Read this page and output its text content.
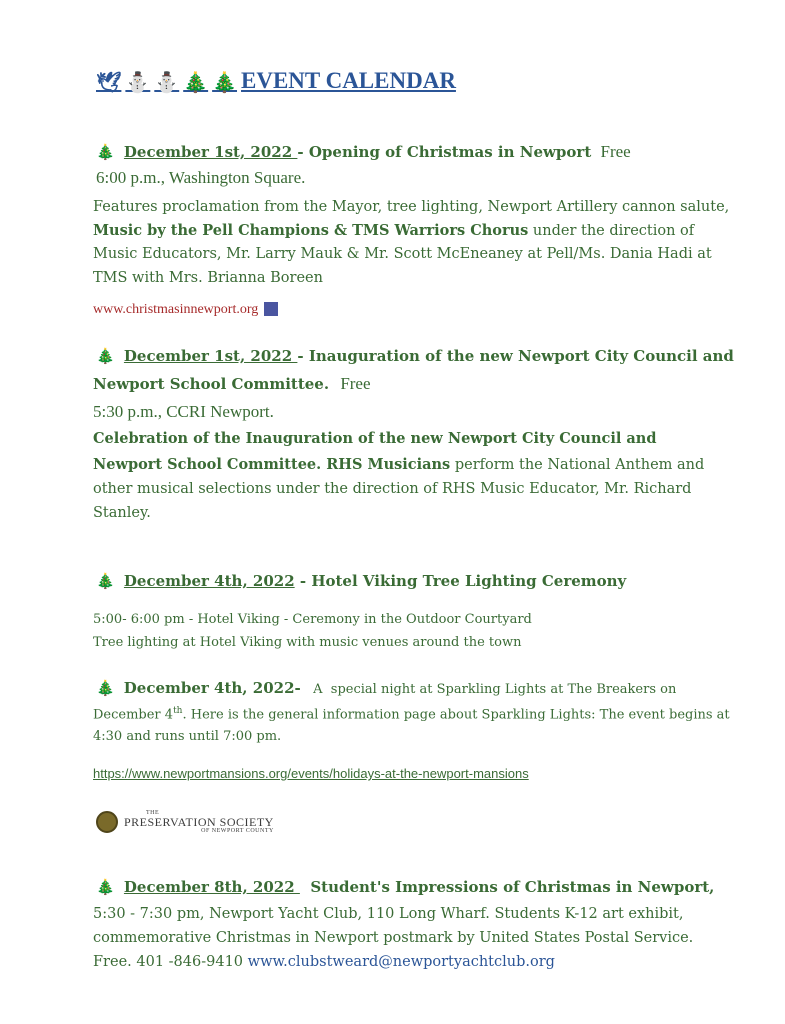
🕊 ⛄ ⛄ 🎄 🎄 EVENT CALENDAR
🎄 December 1st, 2022 - Opening of Christmas in Newport Free
6:00 p.m., Washington Square.
Features proclamation from the Mayor, tree lighting, Newport Artillery cannon salute,
Music by the Pell Champions & TMS Warriors Chorus under the direction of
Music Educators, Mr. Larry Mauk & Mr. Scott McEneaney at Pell/Ms. Dania Hadi at
TMS with Mrs. Brianna Boreen
www.christmasinnewport.org
🎄 December 1st, 2022 - Inauguration of the new Newport City Council and
Newport School Committee. Free
5:30 p.m., CCRI Newport.
Celebration of the Inauguration of the new Newport City Council and
Newport School Committee. RHS Musicians perform the National Anthem and
other musical selections under the direction of RHS Music Educator, Mr. Richard
Stanley.
🎄 December 4th, 2022 - Hotel Viking Tree Lighting Ceremony
5:00- 6:00 pm - Hotel Viking - Ceremony in the Outdoor Courtyard
Tree lighting at Hotel Viking with music venues around the town
🎄 December 4th, 2022-   A  special night at Sparkling Lights at The Breakers on
December 4th. Here is the general information page about Sparkling Lights: The event begins at
4:30 and runs until 7:00 pm.
https://www.newportmansions.org/events/holidays-at-the-newport-mansions
THE
PRESERVATION SOCIETY
OF NEWPORT COUNTY
🎄 December 8th, 2022   Student's Impressions of Christmas in Newport,
5:30 - 7:30 pm, Newport Yacht Club, 110 Long Wharf. Students K-12 art exhibit,
commemorative Christmas in Newport postmark by United States Postal Service.
Free. 401 -846-9410 www.clubstweard@newportyachtclub.org
